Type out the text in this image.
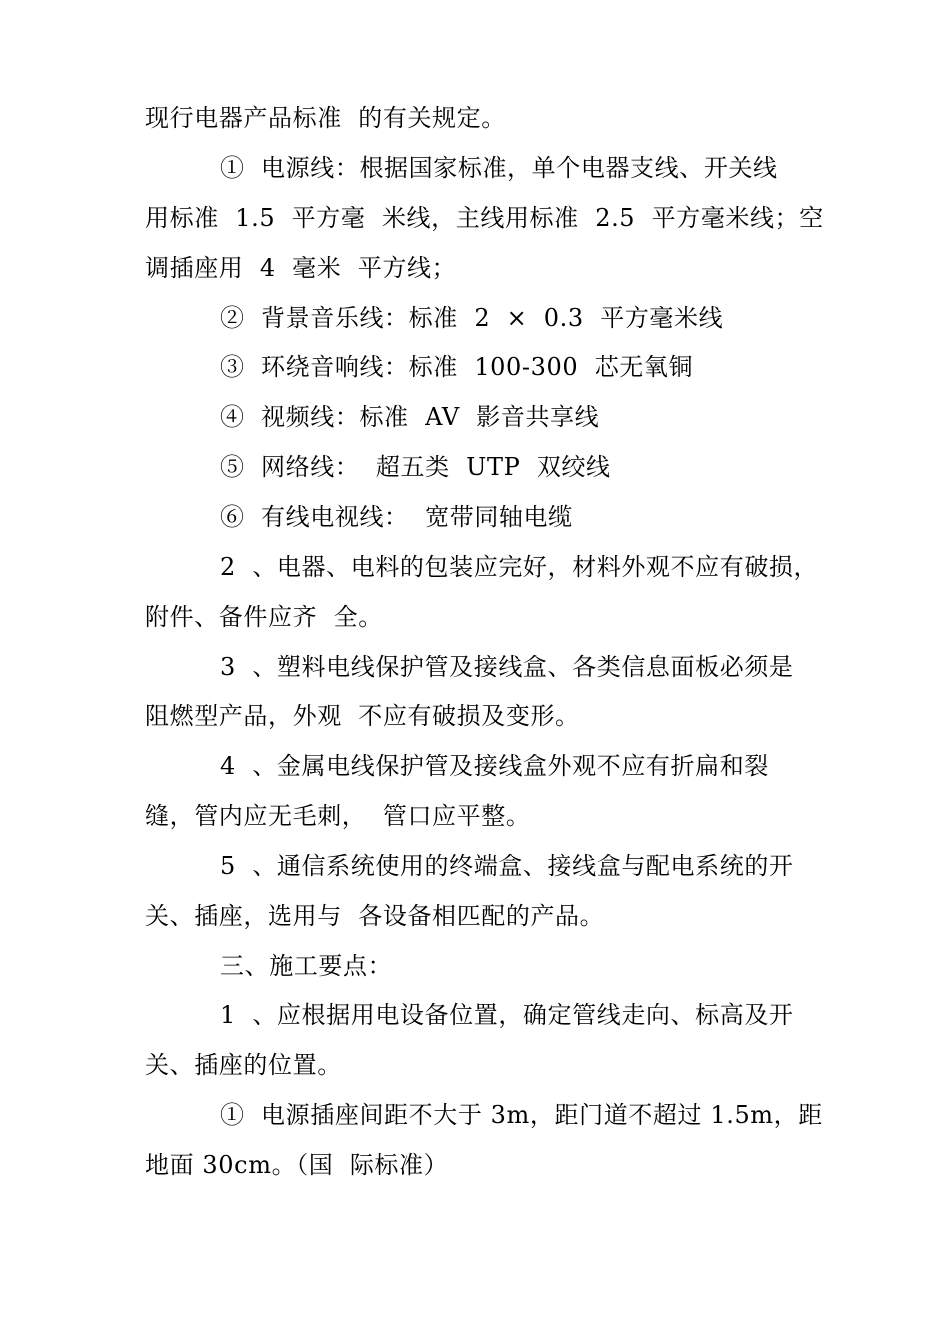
现行电器产品标准  的有关规定。
①  电源线：根据国家标准，单个电器支线、开关线
用标准  1.5  平方毫  米线，主线用标准  2.5  平方毫米线；空
调插座用  4  毫米  平方线；
②  背景音乐线：标准  2  ×  0.3  平方毫米线
③  环绕音响线：标准  100-300  芯无氧铜
④  视频线：标准  AV  影音共享线
⑤  网络线：  超五类  UTP  双绞线
⑥  有线电视线：  宽带同轴电缆
2  、电器、电料的包装应完好，材料外观不应有破损，
附件、备件应齐  全。
3  、塑料电线保护管及接线盒、各类信息面板必须是
阻燃型产品，外观  不应有破损及变形。
4  、金属电线保护管及接线盒外观不应有折扁和裂
缝，管内应无毛刺，  管口应平整。
5  、通信系统使用的终端盒、接线盒与配电系统的开
关、插座，选用与  各设备相匹配的产品。
三、施工要点：
1  、应根据用电设备位置，确定管线走向、标高及开
关、插座的位置。
①  电源插座间距不大于 3m，距门道不超过 1.5m，距
地面 30cm。（国  际标准）
